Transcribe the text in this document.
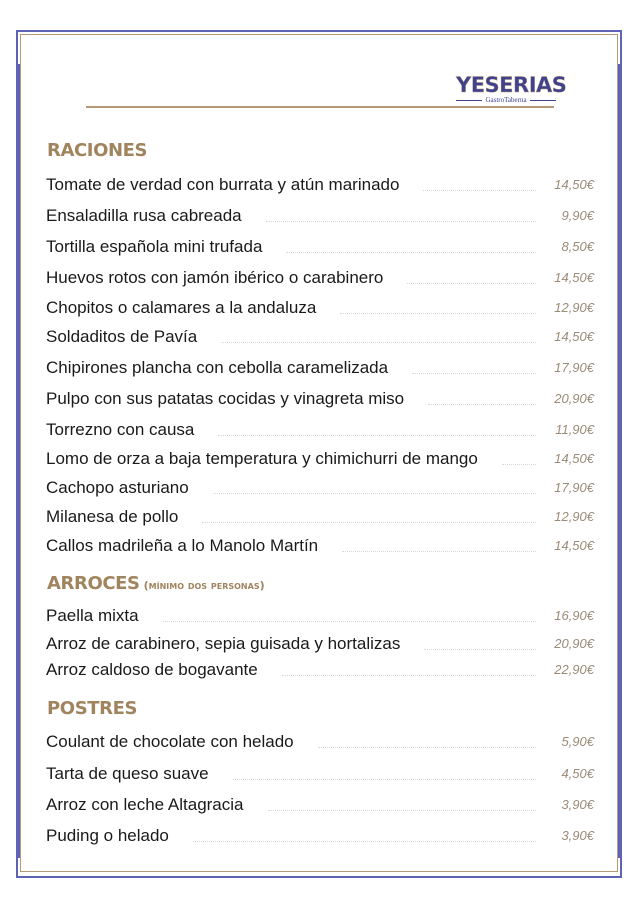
YESERIAS
GastroTaberna
RACIONES
Tomate de verdad con burrata y atún marinado	14,50€
Ensaladilla rusa cabreada	9,90€
Tortilla española mini trufada	8,50€
Huevos rotos con jamón ibérico o carabinero	14,50€
Chopitos o calamares a la andaluza	12,90€
Soldaditos de Pavía	14,50€
Chipirones plancha con cebolla caramelizada	17,90€
Pulpo con sus patatas cocidas y vinagreta miso	20,90€
Torrezno con causa	11,90€
Lomo de orza a baja temperatura y chimichurri de mango	14,50€
Cachopo asturiano	17,90€
Milanesa de pollo	12,90€
Callos madrileña a lo Manolo Martín	14,50€
ARROCES (mínimo dos personas)
Paella mixta	16,90€
Arroz de carabinero, sepia guisada y hortalizas	20,90€
Arroz caldoso de bogavante	22,90€
POSTRES
Coulant de chocolate con helado	5,90€
Tarta de queso suave	4,50€
Arroz con leche Altagracia	3,90€
Puding o helado	3,90€
